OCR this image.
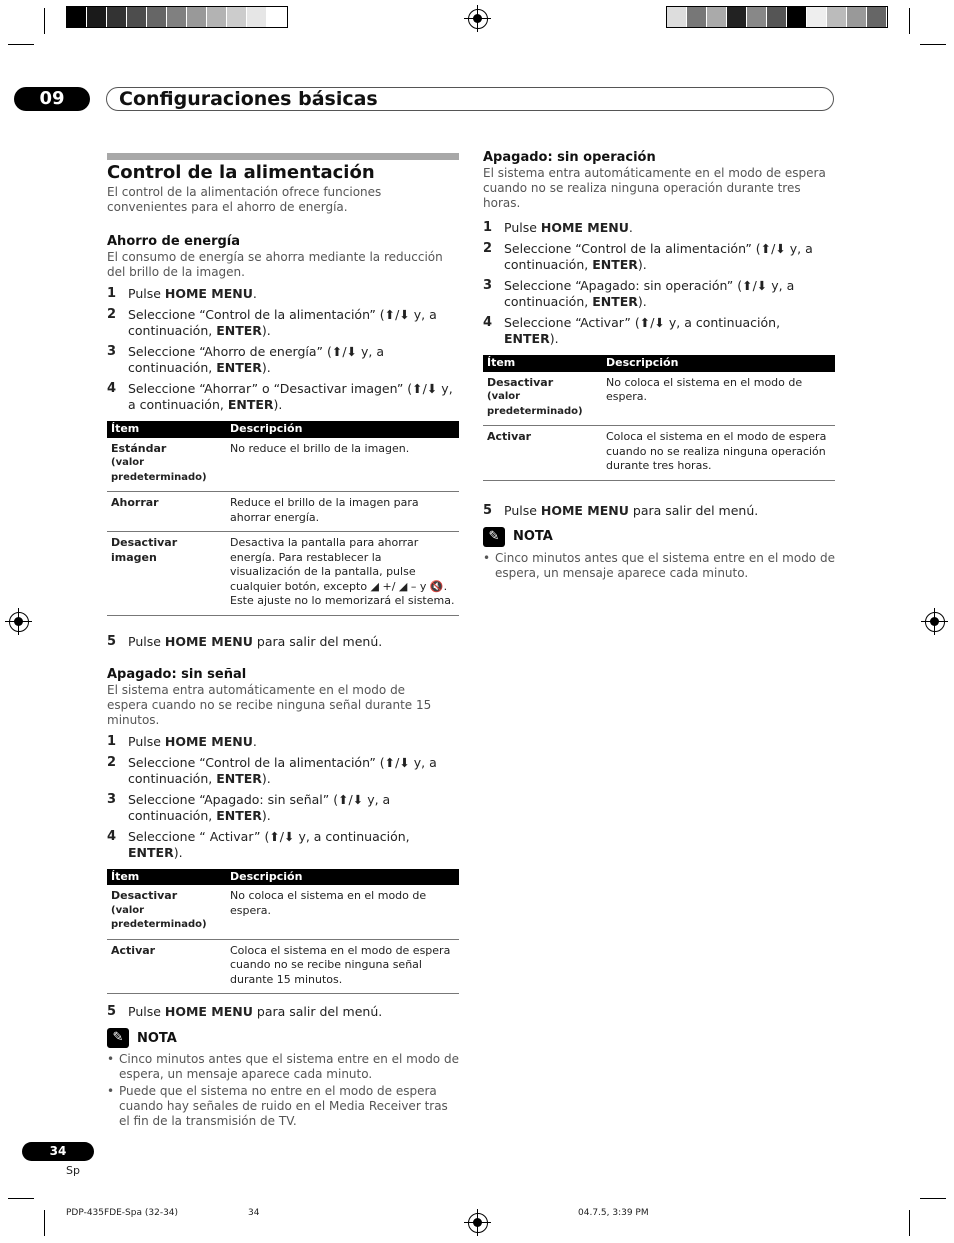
09	Configuraciones básicas
Control de la alimentación

El control de la alimentación ofrece funciones convenientes para el ahorro de energía.

Ahorro de energía

El consumo de energía se ahorra mediante la reducción del brillo de la imagen.

1 Pulse HOME MENU.
2 Seleccione “Control de la alimentación” (⬆/⬇ y, a continuación, ENTER).
3 Seleccione “Ahorro de energía” (⬆/⬇ y, a continuación, ENTER).
4 Seleccione “Ahorrar” o “Desactivar imagen” (⬆/⬇ y, a continuación, ENTER).
Ítem	Descripción

Estándar
(valor predeterminado)	No reduce el brillo de la imagen.

Ahorrar	Reduce el brillo de la imagen para ahorrar energía.

Desactivar imagen	Desactiva la pantalla para ahorrar energía. Para restablecer la visualización de la pantalla, pulse cualquier botón, excepto ◢ +/ ◢ – y 🔇. Este ajuste no lo memorizará el sistema.
5 Pulse HOME MENU para salir del menú.
Apagado: sin señal

El sistema entra automáticamente en el modo de espera cuando no se recibe ninguna señal durante 15 minutos.

1 Pulse HOME MENU.
2 Seleccione “Control de la alimentación” (⬆/⬇ y, a continuación, ENTER).
3 Seleccione “Apagado: sin señal” (⬆/⬇ y, a continuación, ENTER).
4 Seleccione “ Activar” (⬆/⬇ y, a continuación, ENTER).
Ítem	Descripción

Desactivar
(valor predeterminado)	No coloca el sistema en el modo de espera.

Activar	Coloca el sistema en el modo de espera cuando no se recibe ninguna señal durante 15 minutos.
5 Pulse HOME MENU para salir del menú.
✎	NOTA
• Cinco minutos antes que el sistema entre en el modo de espera, un mensaje aparece cada minuto.
• Puede que el sistema no entre en el modo de espera cuando hay señales de ruido en el Media Receiver tras el fin de la transmisión de TV.
Apagado: sin operación

El sistema entra automáticamente en el modo de espera cuando no se realiza ninguna operación durante tres horas.

1 Pulse HOME MENU.
2 Seleccione “Control de la alimentación” (⬆/⬇ y, a continuación, ENTER).
3 Seleccione “Apagado: sin operación” (⬆/⬇ y, a continuación, ENTER).
4 Seleccione “Activar” (⬆/⬇ y, a continuación, ENTER).
Ítem	Descripción

Desactivar
(valor predeterminado)	No coloca el sistema en el modo de espera.

Activar	Coloca el sistema en el modo de espera cuando no se realiza ninguna operación durante tres horas.
5 Pulse HOME MENU para salir del menú.
✎	NOTA
• Cinco minutos antes que el sistema entre en el modo de espera, un mensaje aparece cada minuto.
34
Sp
PDP-435FDE-Spa (32-34)	34	04.7.5, 3:39 PM
